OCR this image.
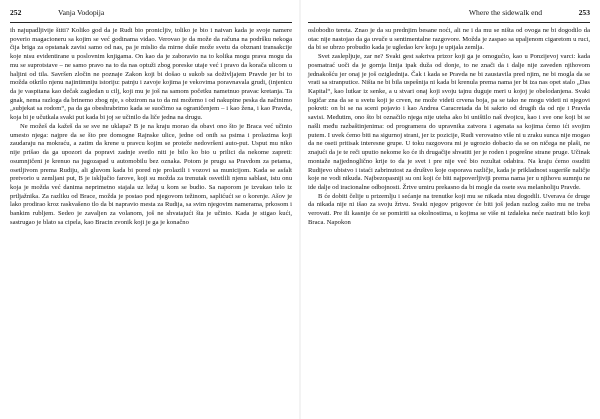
252	Vanja Vodopija

ih najupadljivije štiti? Koliko god da je Rudi bio pronicljiv, toliko je bio i naivan kada je svoje namere poverio magacioneru sa kojim se već godinama vidao. Verovao je da može da računa na podršku nekoga čija briga za opstanak zavisi samo od nas, pa je mislio da mirne duše može svetu da obznani transakcije koje nisu evidentirane u poslovnim knjigama. On kao da je zaboravio na to kolika mogu prava mogu da mu se suprotstave – ne samo pravo na to da nas optuži zbog poreske utaje već i pravo da korača ulicom u haljini od tila. Savršen zločin ne poznaje Zakon koji bi došao u sukob sa doživljajem Pravde jer bi to možda otkrilo njenu najintimniju istoriju: patnju i zavoje kojima je vekovima poravnavala grudi, (injenicu da je vaspitana kao dečak zagledan u cilj, koji mu je još na samom početku nametnuo pravac kretanja. Ta gnak, nema razloga da brinemo zbog nje, s obzirom na to da mi možemo i od nakupine peska da načinimo „subjekat sa rodom“, pa da ga obeshrabrimo kada se suočimo sa ograničenjem – i kao žena, i kao Pravda, koja bi je učutkala svaki put kada bi joj se učinilo da liče jedna na drugu.

Ne možeš da kažeš da se sve ne uklapa? B je na kraju morao da obavi ono što je Braca već učinio umesto njega: najpre da se što pre domogne Rajnske ulice, jedne od onih sa psima i prolazima koji zaudaraju na mokraću, a zatim da krene u pravcu kojim se proteže nedovršeni auto-put. Usput mu niko nije prišao da ga upozori da popravi zadnje svetlo niti je bilo ko bio u prilici da nekome zapreti: osumnjičeni je krenuo na jugozapad u automobilu bez oznaka. Potom je prugu sa Pravdom za petama, osetljivom prema Rudiju, ali gluvom kada bi pored nje prolazili i vozovi sa municijom. Kada se asfalt pretvorio u zemljani put, B je isključio farove, koji su možda za trenutak osvetlili njenu sablast, istu onu koja je možda već danima neprimetno stajala uz ležaj u kom se budio. Sa naporom je izvukao telo iz prtljažnika. Za razliku od Brace, možda je postao pod njegovom težinom, saplićući se o korenje. Ašov je lako prodirao kroz raskvašeno tlo da bi napravio mesta za Rudija, sa svim njegovim namerama, prkosom i bankim rubljem. Sedeo je zavaljen za volanom, još ne shvatajući šta je učinio. Kada je stigao kući, sastrugao je blato sa cipela, kao Bracin zvonik koji je ga je konačno

Where the sidewalk end	253

oslobodio tereta. Znao je da su prednjim besane noći, ali ne i da mu se ništa od ovoga ne bi dogodilo da otac nije nastojao da ga uvuče u sentimentalne razgovore. Možda je zaspao sa upaljenom cigaretom u ruci, da bi se ubrzo probudio kada je ugledao krv koju je upijala zemlja.

Svet zasleplјuje, zar ne? Svaki gest sakriva prizor koji ga je omogućio, kao u Ponzijevoj varci: kada posmatrać uoči da je gornja linija ipak duža od donje, to ne znači da i dalje nije zaveden njihovom jednakošću jer onaj je još ozigledniјa. Čak i kada se Pravda ne bi zaustavila pred njim, ne bi mogla da se vrati sa stranputice. Ništa ne bi bila uspešnija ni kada bi krenula prema nama jer bi iza nas opet stalo „Das Kapital“, kao lutkar iz senke, a u stvari onaj koji svoju tajnu duguje meri u kojoj je obelodanjena. Svaki logičar zna da se u svetu koji je crven, ne može videti crvena boja, pa se tako ne mogu videti ni njegovi pokreti: on bi se na sceni pojavio i kao Andrea Caracretada da bi sakrio od drugih da od nje i Pravda savisi. Međutim, ono što bi označilo njega nije uteha ako bi uništilo naš dvojicu, kao i sve one koji bi se našli među razbaštinjenima: od programera do upravnika zatvora i agenata sa kojima ćemo ići svojim putem. I uvek ćemo biti na sigurnoj strani, jer iz pozicije, Rudi verovatno više ni u zraku sunca nije mogao da ne oseti pritisak interesne grupe. U toku razgovora mi je ugrozio dobacio da se on ničega ne plaši, ne znajući da je te reči uputio nekome ko će ih drugačije shvatiti jer je roden i pogrešne strane pruge. Učinak montaže najjednoglično krije to da je svet i pre nije već bio rezultat odabira. Na kraju ćemo osuditi Rudijevo ubistvo i istaći zabrinutost za društvo koje osporava različje, kada je prikladnost sugeriše naličje koje ne vodi nikuda. Najbezopasniji su oni koji će biti najpoverljiviji prema nama jer u njihovu sumnju ne ide dalje od iracionalne odbojnosti. Žrtve umiru prekasno da bi mogle da osete sva melanholiju Pravde.

B će dobiti čelije u prizemlju i sećanje na trenutke koji mu se nikada nisu dogodili. Uverava će druge da nikada nije ni išao za svoju žrtvu. Svaki njegov prigovor će biti još jedan razlog zašto mu ne treba verovati. Pre ili kasnije će se pomiriti sa okolnostima, u kojima se više ni izdaleka neće nazirati bilo koji Braca. Napokon
